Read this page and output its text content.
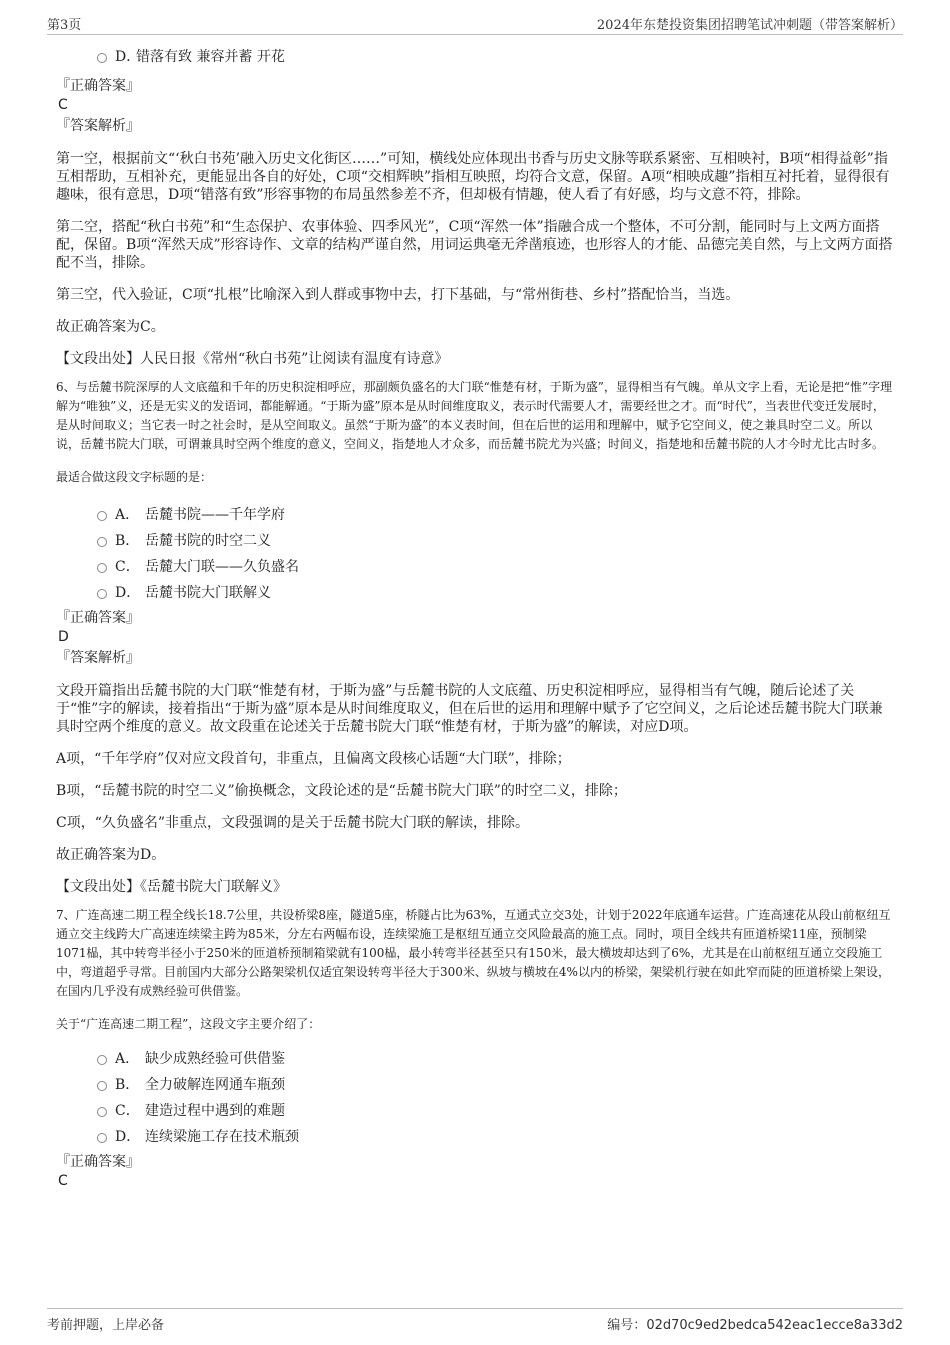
第3页	2024年东楚投资集团招聘笔试冲刺题（带答案解析）
D．
错落有致 兼容并蓄 开花
『正确答案』
C
『答案解析』

第一空，根据前文“‘秋白书苑’融入历史文化街区……”可知，横线处应体现出书香与历史文脉等联系紧密、互相映衬，B项“相得益彰”指互相帮助，互相补充，更能显出各自的好处，C项“交相辉映”指相互映照，均符合文意，保留。A项“相映成趣”指相互衬托着，显得很有趣味，很有意思，D项“错落有致”形容事物的布局虽然参差不齐，但却极有情趣，使人看了有好感，均与文意不符，排除。

第二空，搭配“秋白书苑”和“生态保护、农事体验、四季风光”，C项“浑然一体”指融合成一个整体，不可分割，能同时与上文两方面搭配，保留。B项“浑然天成”形容诗作、文章的结构严谨自然，用词运典毫无斧凿痕迹，也形容人的才能、品德完美自然，与上文两方面搭配不当，排除。

第三空，代入验证，C项“扎根”比喻深入到人群或事物中去，打下基础，与“常州街巷、乡村”搭配恰当，当选。

故正确答案为C。

【文段出处】人民日报《常州“秋白书苑”让阅读有温度有诗意》

6、与岳麓书院深厚的人文底蕴和千年的历史积淀相呼应，那副颇负盛名的大门联“惟楚有材，于斯为盛”，显得相当有气魄。单从文字上看，无论是把“惟”字理解为“唯独”义，还是无实义的发语词，都能解通。“于斯为盛”原本是从时间维度取义，表示时代需要人才，需要经世之才。而“时代”，当表世代变迁发展时，是从时间取义；当它表一时之社会时，是从空间取义。虽然“于斯为盛”的本义表时间，但在后世的运用和理解中，赋予它空间义，使之兼具时空二义。所以说，岳麓书院大门联，可谓兼具时空两个维度的意义，空间义，指楚地人才众多，而岳麓书院尤为兴盛；时间义，指楚地和岳麓书院的人才今时尤比古时多。

最适合做这段文字标题的是：

A． 岳麓书院——千年学府
B． 岳麓书院的时空二义
C． 岳麓大门联——久负盛名
D． 岳麓书院大门联解义
『正确答案』
D
『答案解析』

文段开篇指出岳麓书院的大门联“惟楚有材，于斯为盛”与岳麓书院的人文底蕴、历史积淀相呼应，显得相当有气魄，随后论述了关于“惟”字的解读，接着指出“于斯为盛”原本是从时间维度取义，但在后世的运用和理解中赋予了它空间义，之后论述岳麓书院大门联兼具时空两个维度的意义。故文段重在论述关于岳麓书院大门联“惟楚有材，于斯为盛”的解读，对应D项。

A项，“千年学府”仅对应文段首句，非重点，且偏离文段核心话题“大门联”，排除；

B项，“岳麓书院的时空二义”偷换概念，文段论述的是“岳麓书院大门联”的时空二义，排除；

C项，“久负盛名”非重点，文段强调的是关于岳麓书院大门联的解读，排除。

故正确答案为D。

【文段出处】《岳麓书院大门联解义》

7、广连高速二期工程全线长18.7公里，共设桥梁8座，隧道5座，桥隧占比为63%，互通式立交3处，计划于2022年底通车运营。广连高速花从段山前枢纽互通立交主线跨大广高速连续梁主跨为85米，分左右两幅布设，连续梁施工是枢纽互通立交风险最高的施工点。同时，项目全线共有匝道桥梁11座，预制梁1071榀，其中转弯半径小于250米的匝道桥预制箱梁就有100榀，最小转弯半径甚至只有150米，最大横坡却达到了6%，尤其是在山前枢纽互通立交段施工中，弯道超乎寻常。目前国内大部分公路架梁机仅适宜架设转弯半径大于300米、纵坡与横坡在4%以内的桥梁，架梁机行驶在如此窄而陡的匝道桥梁上架设，在国内几乎没有成熟经验可供借鉴。

关于“广连高速二期工程”，这段文字主要介绍了：

A． 缺少成熟经验可供借鉴
B． 全力破解连网通车瓶颈
C． 建造过程中遇到的难题
D． 连续梁施工存在技术瓶颈
『正确答案』
C
考前押题，上岸必备	编号：02d70c9ed2bedca542eac1ecce8a33d2
